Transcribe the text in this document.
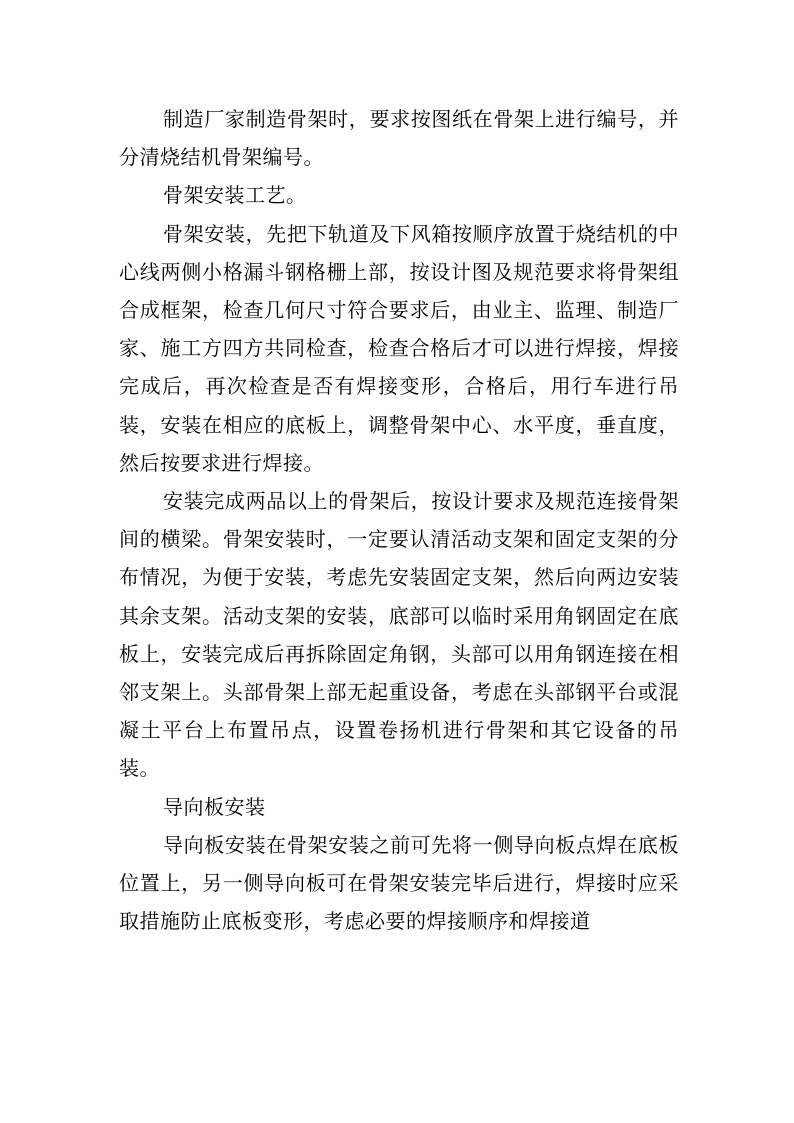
制造厂家制造骨架时，要求按图纸在骨架上进行编号，并分清烧结机骨架编号。

骨架安装工艺。

骨架安装，先把下轨道及下风箱按顺序放置于烧结机的中心线两侧小格漏斗钢格栅上部，按设计图及规范要求将骨架组合成框架，检查几何尺寸符合要求后，由业主、监理、制造厂家、施工方四方共同检查，检查合格后才可以进行焊接，焊接完成后，再次检查是否有焊接变形，合格后，用行车进行吊装，安装在相应的底板上，调整骨架中心、水平度，垂直度，然后按要求进行焊接。

安装完成两品以上的骨架后，按设计要求及规范连接骨架间的横梁。骨架安装时，一定要认清活动支架和固定支架的分布情况，为便于安装，考虑先安装固定支架，然后向两边安装其余支架。活动支架的安装，底部可以临时采用角钢固定在底板上，安装完成后再拆除固定角钢，头部可以用角钢连接在相邻支架上。头部骨架上部无起重设备，考虑在头部钢平台或混凝土平台上布置吊点，设置卷扬机进行骨架和其它设备的吊装。

导向板安装

导向板安装在骨架安装之前可先将一侧导向板点焊在底板位置上，另一侧导向板可在骨架安装完毕后进行，焊接时应采取措施防止底板变形，考虑必要的焊接顺序和焊接道
